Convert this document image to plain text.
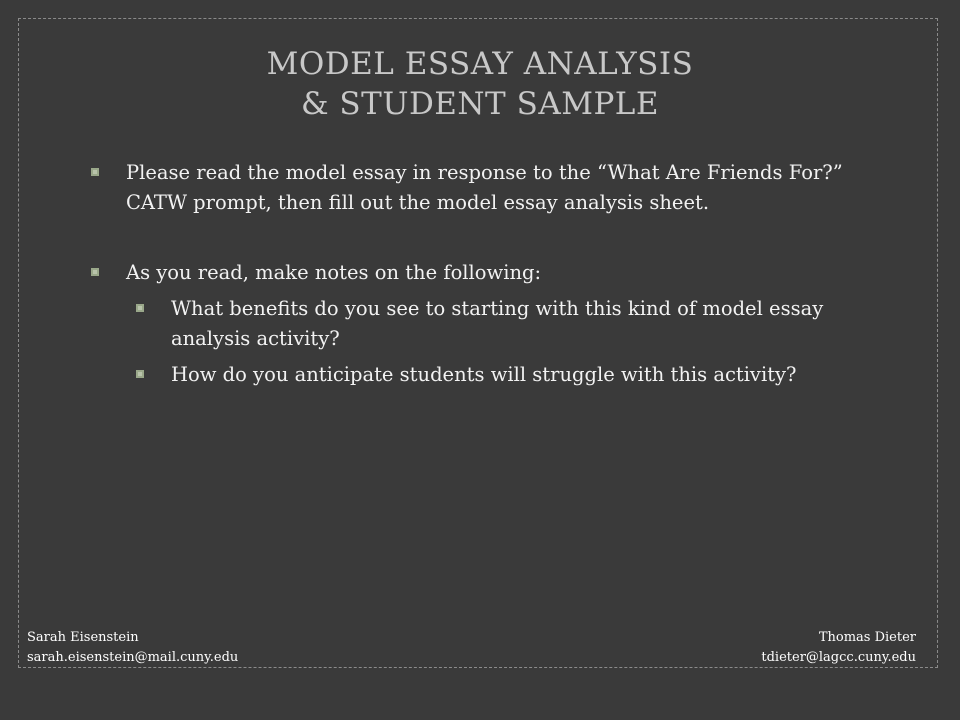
MODEL ESSAY ANALYSIS
& STUDENT SAMPLE
Please read the model essay in response to the “What Are Friends For?” CATW prompt, then fill out the model essay analysis sheet.
As you read, make notes on the following:
What benefits do you see to starting with this kind of model essay analysis activity?
How do you anticipate students will struggle with this activity?
Sarah Eisenstein
sarah.eisenstein@mail.cuny.edu
Thomas Dieter
tdieter@lagcc.cuny.edu
